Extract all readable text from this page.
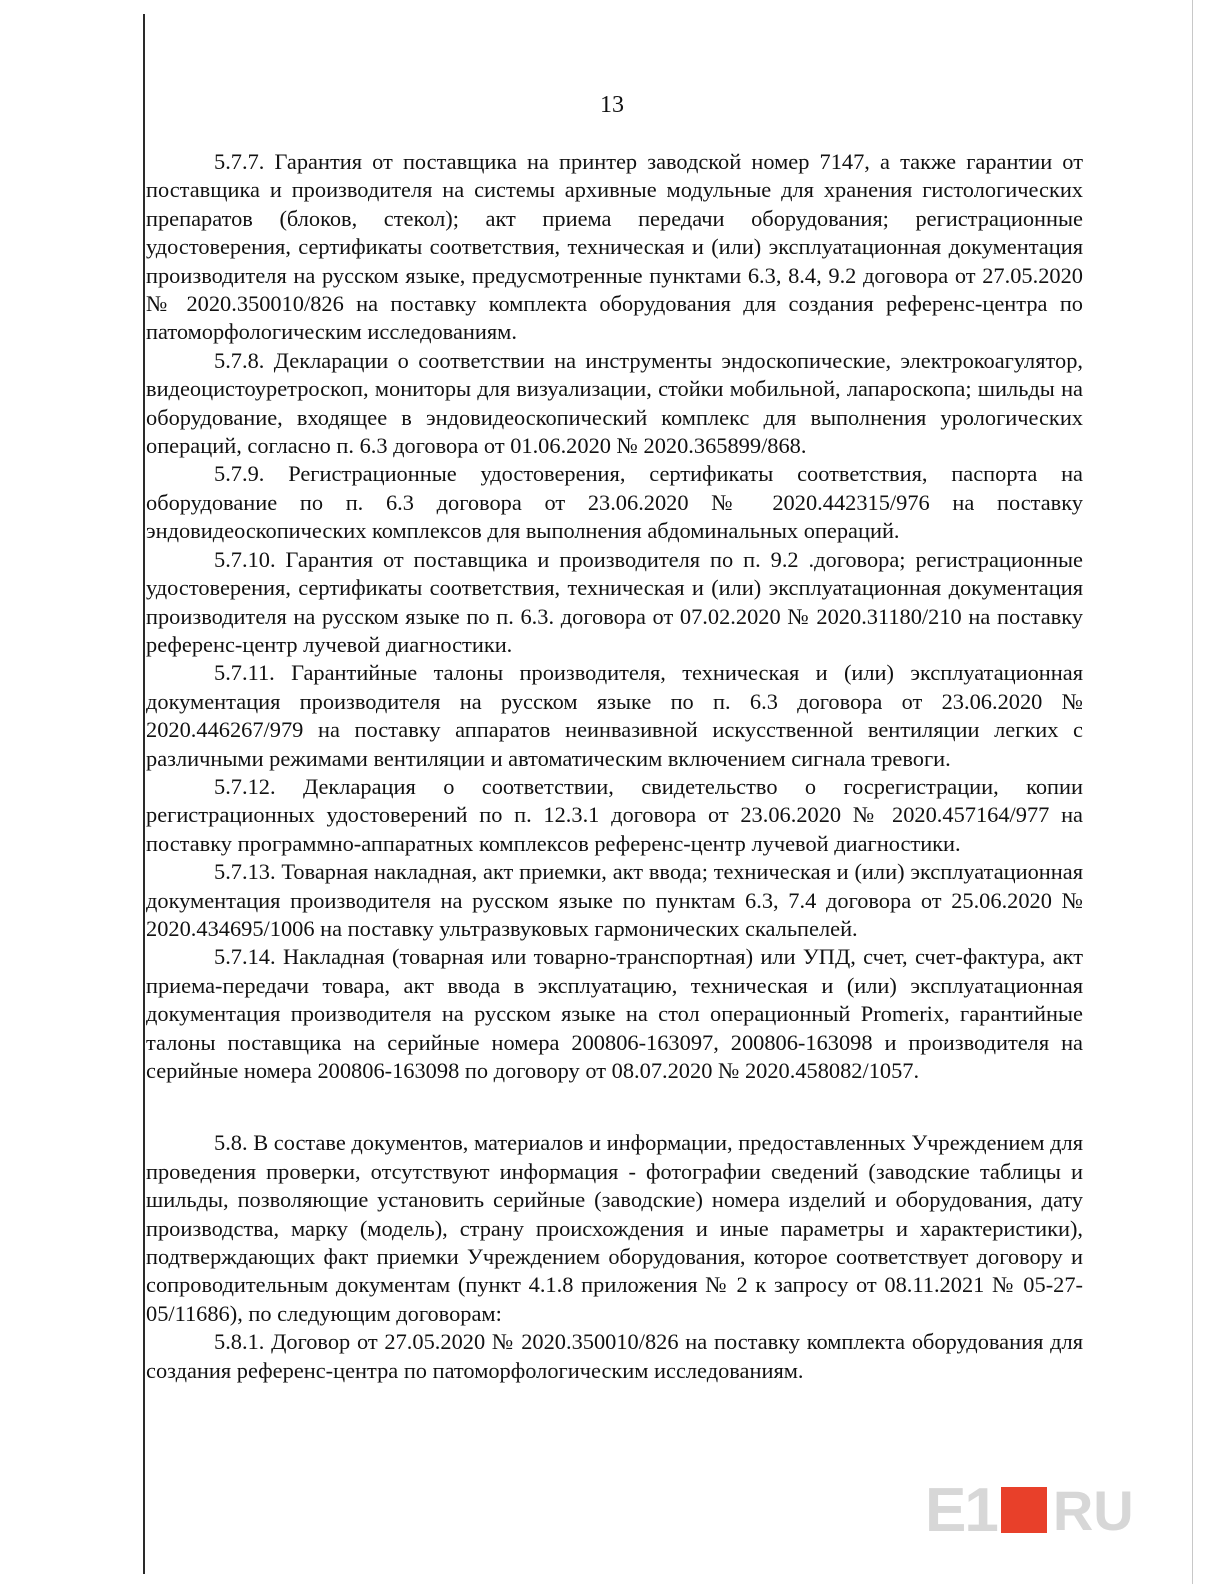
13

5.7.7. Гарантия от поставщика на принтер заводской номер 7147, а также гарантии от поставщика и производителя на системы архивные модульные для хранения гистологических препаратов (блоков, стекол); акт приема передачи оборудования; регистрационные удостоверения, сертификаты соответствия, техническая и (или) эксплуатационная документация производителя на русском языке, предусмотренные пунктами 6.3, 8.4, 9.2 договора от 27.05.2020 № 2020.350010/826 на поставку комплекта оборудования для создания референс-центра по патоморфологическим исследованиям.

5.7.8. Декларации о соответствии на инструменты эндоскопические, электрокоагулятор, видеоцистоуретроскоп, мониторы для визуализации, стойки мобильной, лапароскопа; шильды на оборудование, входящее в эндовидеоскопический комплекс для выполнения урологических операций, согласно п. 6.3 договора от 01.06.2020 № 2020.365899/868.

5.7.9. Регистрационные удостоверения, сертификаты соответствия, паспорта на оборудование по п. 6.3 договора от 23.06.2020 № 2020.442315/976 на поставку эндовидеоскопических комплексов для выполнения абдоминальных операций.

5.7.10. Гарантия от поставщика и производителя по п. 9.2 .договора; регистрационные удостоверения, сертификаты соответствия, техническая и (или) эксплуатационная документация производителя на русском языке по п. 6.3. договора от 07.02.2020 № 2020.31180/210 на поставку референс-центр лучевой диагностики.

5.7.11. Гарантийные талоны производителя, техническая и (или) эксплуатационная документация производителя на русском языке по п. 6.3 договора от 23.06.2020 № 2020.446267/979 на поставку аппаратов неинвазивной искусственной вентиляции легких с различными режимами вентиляции и автоматическим включением сигнала тревоги.

5.7.12. Декларация о соответствии, свидетельство о госрегистрации, копии регистрационных удостоверений по п. 12.3.1 договора от 23.06.2020 № 2020.457164/977 на поставку программно-аппаратных комплексов референс-центр лучевой диагностики.

5.7.13. Товарная накладная, акт приемки, акт ввода; техническая и (или) эксплуатационная документация производителя на русском языке по пунктам 6.3, 7.4 договора от 25.06.2020 № 2020.434695/1006 на поставку ультразвуковых гармонических скальпелей.

5.7.14. Накладная (товарная или товарно-транспортная) или УПД, счет, счет-фактура, акт приема-передачи товара, акт ввода в эксплуатацию, техническая и (или) эксплуатационная документация производителя на русском языке на стол операционный Promerix, гарантийные талоны поставщика на серийные номера 200806-163097, 200806-163098 и производителя на серийные номера 200806-163098 по договору от 08.07.2020 № 2020.458082/1057.

5.8. В составе документов, материалов и информации, предоставленных Учреждением для проведения проверки, отсутствуют информация - фотографии сведений (заводские таблицы и шильды, позволяющие установить серийные (заводские) номера изделий и оборудования, дату производства, марку (модель), страну происхождения и иные параметры и характеристики), подтверждающих факт приемки Учреждением оборудования, которое соответствует договору и сопроводительным документам (пункт 4.1.8 приложения № 2 к запросу от 08.11.2021 № 05-27-05/11686), по следующим договорам:

5.8.1. Договор от 27.05.2020 № 2020.350010/826 на поставку комплекта оборудования для создания референс-центра по патоморфологическим исследованиям.

E1 RU
